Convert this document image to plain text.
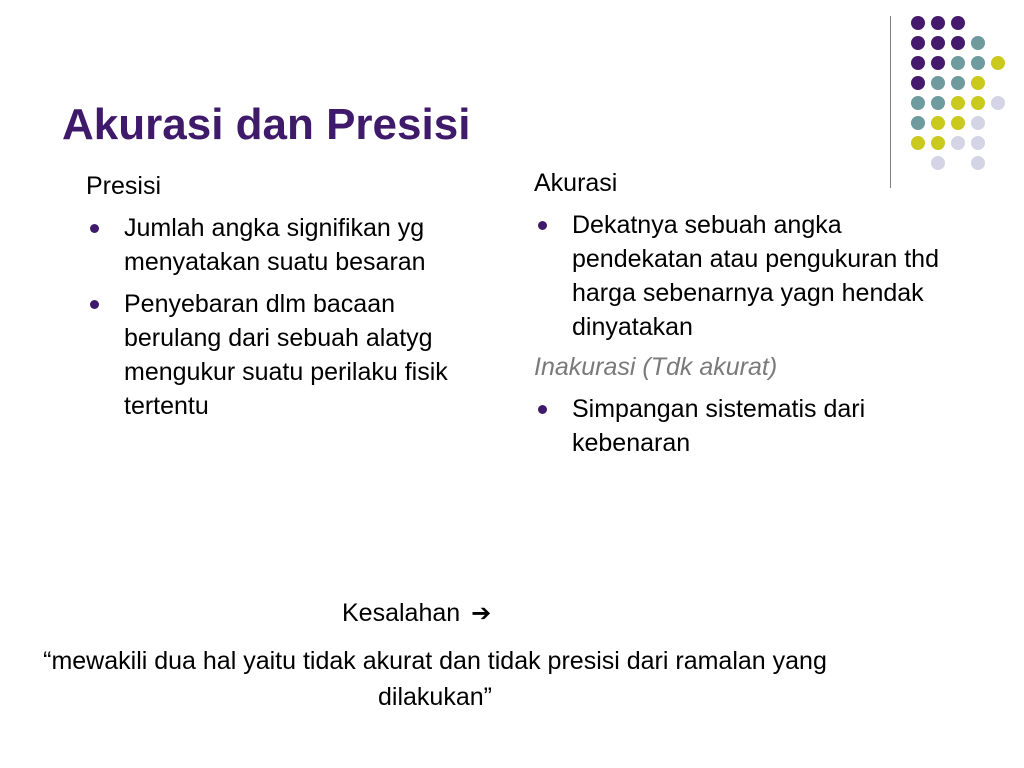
Akurasi dan Presisi

Presisi

Jumlah angka signifikan yg menyatakan suatu besaran
Penyebaran dlm bacaan berulang dari sebuah alatyg mengukur suatu perilaku fisik tertentu

Akurasi

Dekatnya sebuah angka pendekatan atau pengukuran thd harga sebenarnya yagn hendak dinyatakan

Inakurasi (Tdk akurat)

Simpangan sistematis dari kebenaran
Kesalahan ➔
“mewakili dua hal yaitu tidak akurat dan tidak presisi dari ramalan yang dilakukan”
